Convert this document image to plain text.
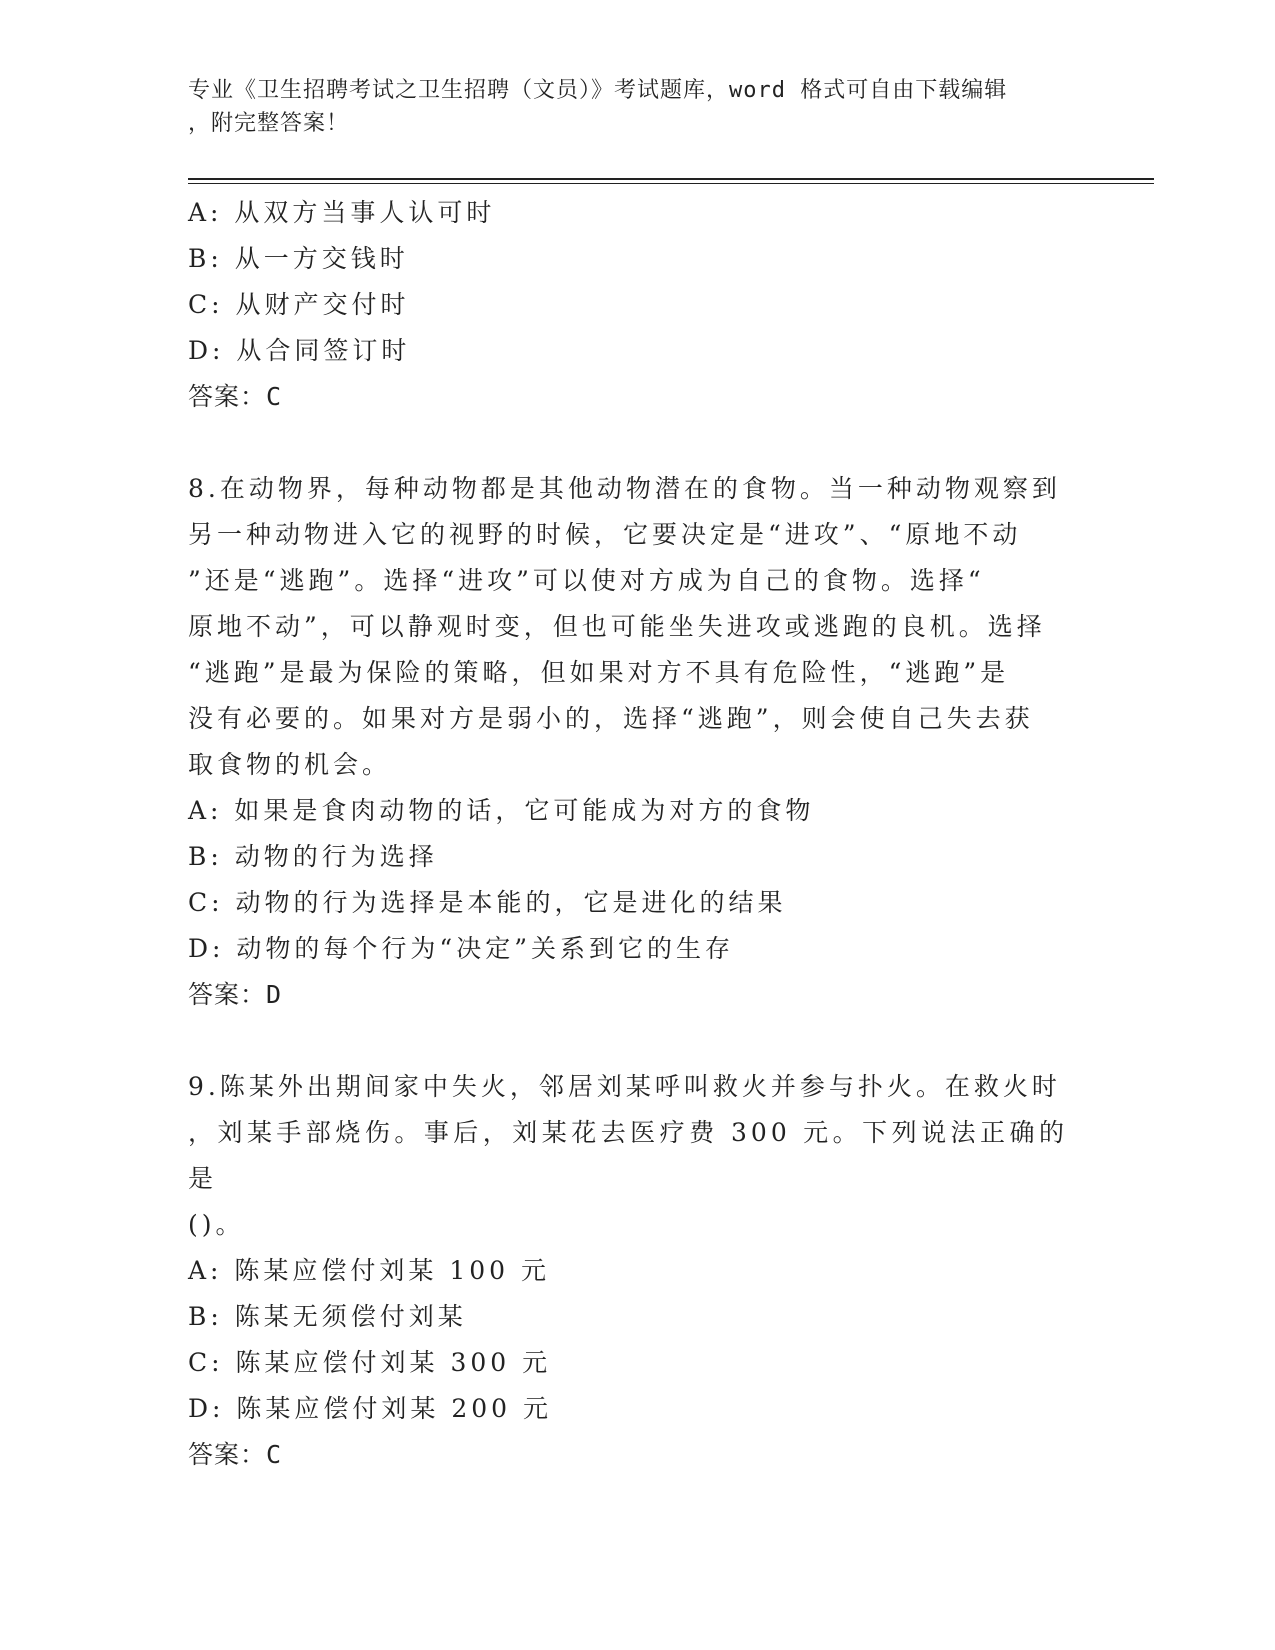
专业《卫生招聘考试之卫生招聘（文员）》考试题库，word 格式可自由下载编辑
，附完整答案！
A: 从双方当事人认可时
B: 从一方交钱时
C: 从财产交付时
D: 从合同签订时
答案：C
8.在动物界，每种动物都是其他动物潜在的食物。当一种动物观察到
另一种动物进入它的视野的时候，它要决定是“进攻”、“原地不动
”还是“逃跑”。选择“进攻”可以使对方成为自己的食物。选择“
原地不动”，可以静观时变，但也可能坐失进攻或逃跑的良机。选择
“逃跑”是最为保险的策略，但如果对方不具有危险性，“逃跑”是
没有必要的。如果对方是弱小的，选择“逃跑”，则会使自己失去获
取食物的机会。
A: 如果是食肉动物的话，它可能成为对方的食物
B: 动物的行为选择
C: 动物的行为选择是本能的，它是进化的结果
D: 动物的每个行为“决定”关系到它的生存
答案：D
9.陈某外出期间家中失火，邻居刘某呼叫救火并参与扑火。在救火时
，刘某手部烧伤。事后，刘某花去医疗费 300 元。下列说法正确的是
()。
A: 陈某应偿付刘某 100 元
B: 陈某无须偿付刘某
C: 陈某应偿付刘某 300 元
D: 陈某应偿付刘某 200 元
答案：C
